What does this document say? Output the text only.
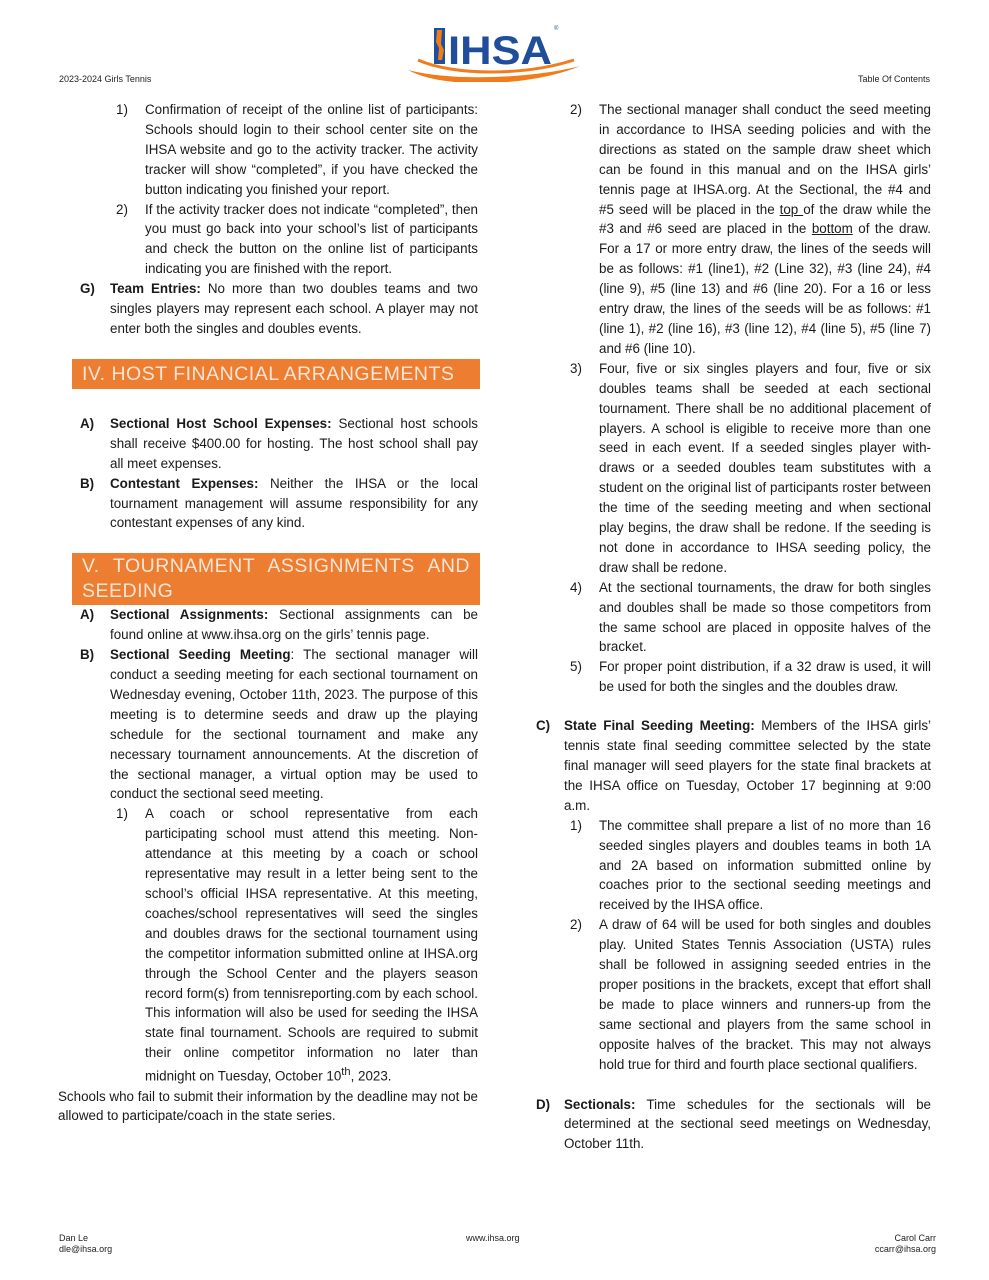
2023-2024 Girls Tennis	Table Of Contents
IHSA ®
1) Confirmation of receipt of the online list of participants: Schools should login to their school center site on the IHSA website and go to the activity tracker. The activity tracker will show “completed”, if you have checked the button indicating you finished your report.
2) If the activity tracker does not indicate “completed”, then you must go back into your school’s list of participants and check the button on the online list of participants indicating you are finished with the report.
G) Team Entries: No more than two doubles teams and two singles players may represent each school. A player may not enter both the singles and doubles events.
IV. HOST FINANCIAL ARRANGEMENTS
A) Sectional Host School Expenses: Sectional host schools shall receive $400.00 for hosting. The host school shall pay all meet expenses.
B) Contestant Expenses: Neither the IHSA or the local tournament management will assume responsibility for any contestant expenses of any kind.
V. TOURNAMENT ASSIGNMENTS AND SEEDING
A) Sectional Assignments: Sectional assignments can be found online at www.ihsa.org on the girls’ tennis page.
B) Sectional Seeding Meeting: The sectional manager will conduct a seeding meeting for each sectional tournament on Wednesday evening, October 11th, 2023. The purpose of this meeting is to determine seeds and draw up the playing schedule for the sectional tournament and make any necessary tournament announcements. At the discretion of the sectional manager, a virtual option may be used to conduct the sectional seed meeting.
1) A coach or school representative from each participating school must attend this meeting. Non-attendance at this meeting by a coach or school representative may result in a letter being sent to the school’s official IHSA representative. At this meeting, coaches/school representatives will seed the singles and doubles draws for the sectional tournament using the competitor information submitted online at IHSA.org through the School Center and the players season record form(s) from tennisreporting.com by each school. This information will also be used for seeding the IHSA state final tournament. Schools are required to submit their online competitor information no later than midnight on Tuesday, October 10th, 2023.
Schools who fail to submit their information by the deadline may not be allowed to participate/coach in the state series.
2) The sectional manager shall conduct the seed meeting in accordance to IHSA seeding policies and with the directions as stated on the sample draw sheet which can be found in this manual and on the IHSA girls’ tennis page at IHSA.org. At the Sectional, the #4 and #5 seed will be placed in the top of the draw while the #3 and #6 seed are placed in the bottom of the draw. For a 17 or more entry draw, the lines of the seeds will be as follows: #1 (line1), #2 (Line 32), #3 (line 24), #4 (line 9), #5 (line 13) and #6 (line 20). For a 16 or less entry draw, the lines of the seeds will be as follows: #1 (line 1), #2 (line 16), #3 (line 12), #4 (line 5), #5 (line 7) and #6 (line 10).
3) Four, five or six singles players and four, five or six doubles teams shall be seeded at each sectional tournament. There shall be no additional placement of players. A school is eligible to receive more than one seed in each event. If a seeded singles player with- draws or a seeded doubles team substitutes with a student on the original list of participants roster between the time of the seeding meeting and when sectional play begins, the draw shall be redone. If the seeding is not done in accordance to IHSA seeding policy, the draw shall be redone.
4) At the sectional tournaments, the draw for both singles and doubles shall be made so those competitors from the same school are placed in opposite halves of the bracket.
5) For proper point distribution, if a 32 draw is used, it will be used for both the singles and the doubles draw.
C) State Final Seeding Meeting: Members of the IHSA girls’ tennis state final seeding committee selected by the state final manager will seed players for the state final brackets at the IHSA office on Tuesday, October 17 beginning at 9:00 a.m.
1) The committee shall prepare a list of no more than 16 seeded singles players and doubles teams in both 1A and 2A based on information submitted online by coaches prior to the sectional seeding meetings and received by the IHSA office.
2) A draw of 64 will be used for both singles and doubles play. United States Tennis Association (USTA) rules shall be followed in assigning seeded entries in the proper positions in the brackets, except that effort shall be made to place winners and runners-up from the same sectional and players from the same school in opposite halves of the bracket. This may not always hold true for third and fourth place sectional qualifiers.
D) Sectionals: Time schedules for the sectionals will be determined at the sectional seed meetings on Wednesday, October 11th.
Dan Le
dle@ihsa.org
www.ihsa.org	Carol Carr
ccarr@ihsa.org
